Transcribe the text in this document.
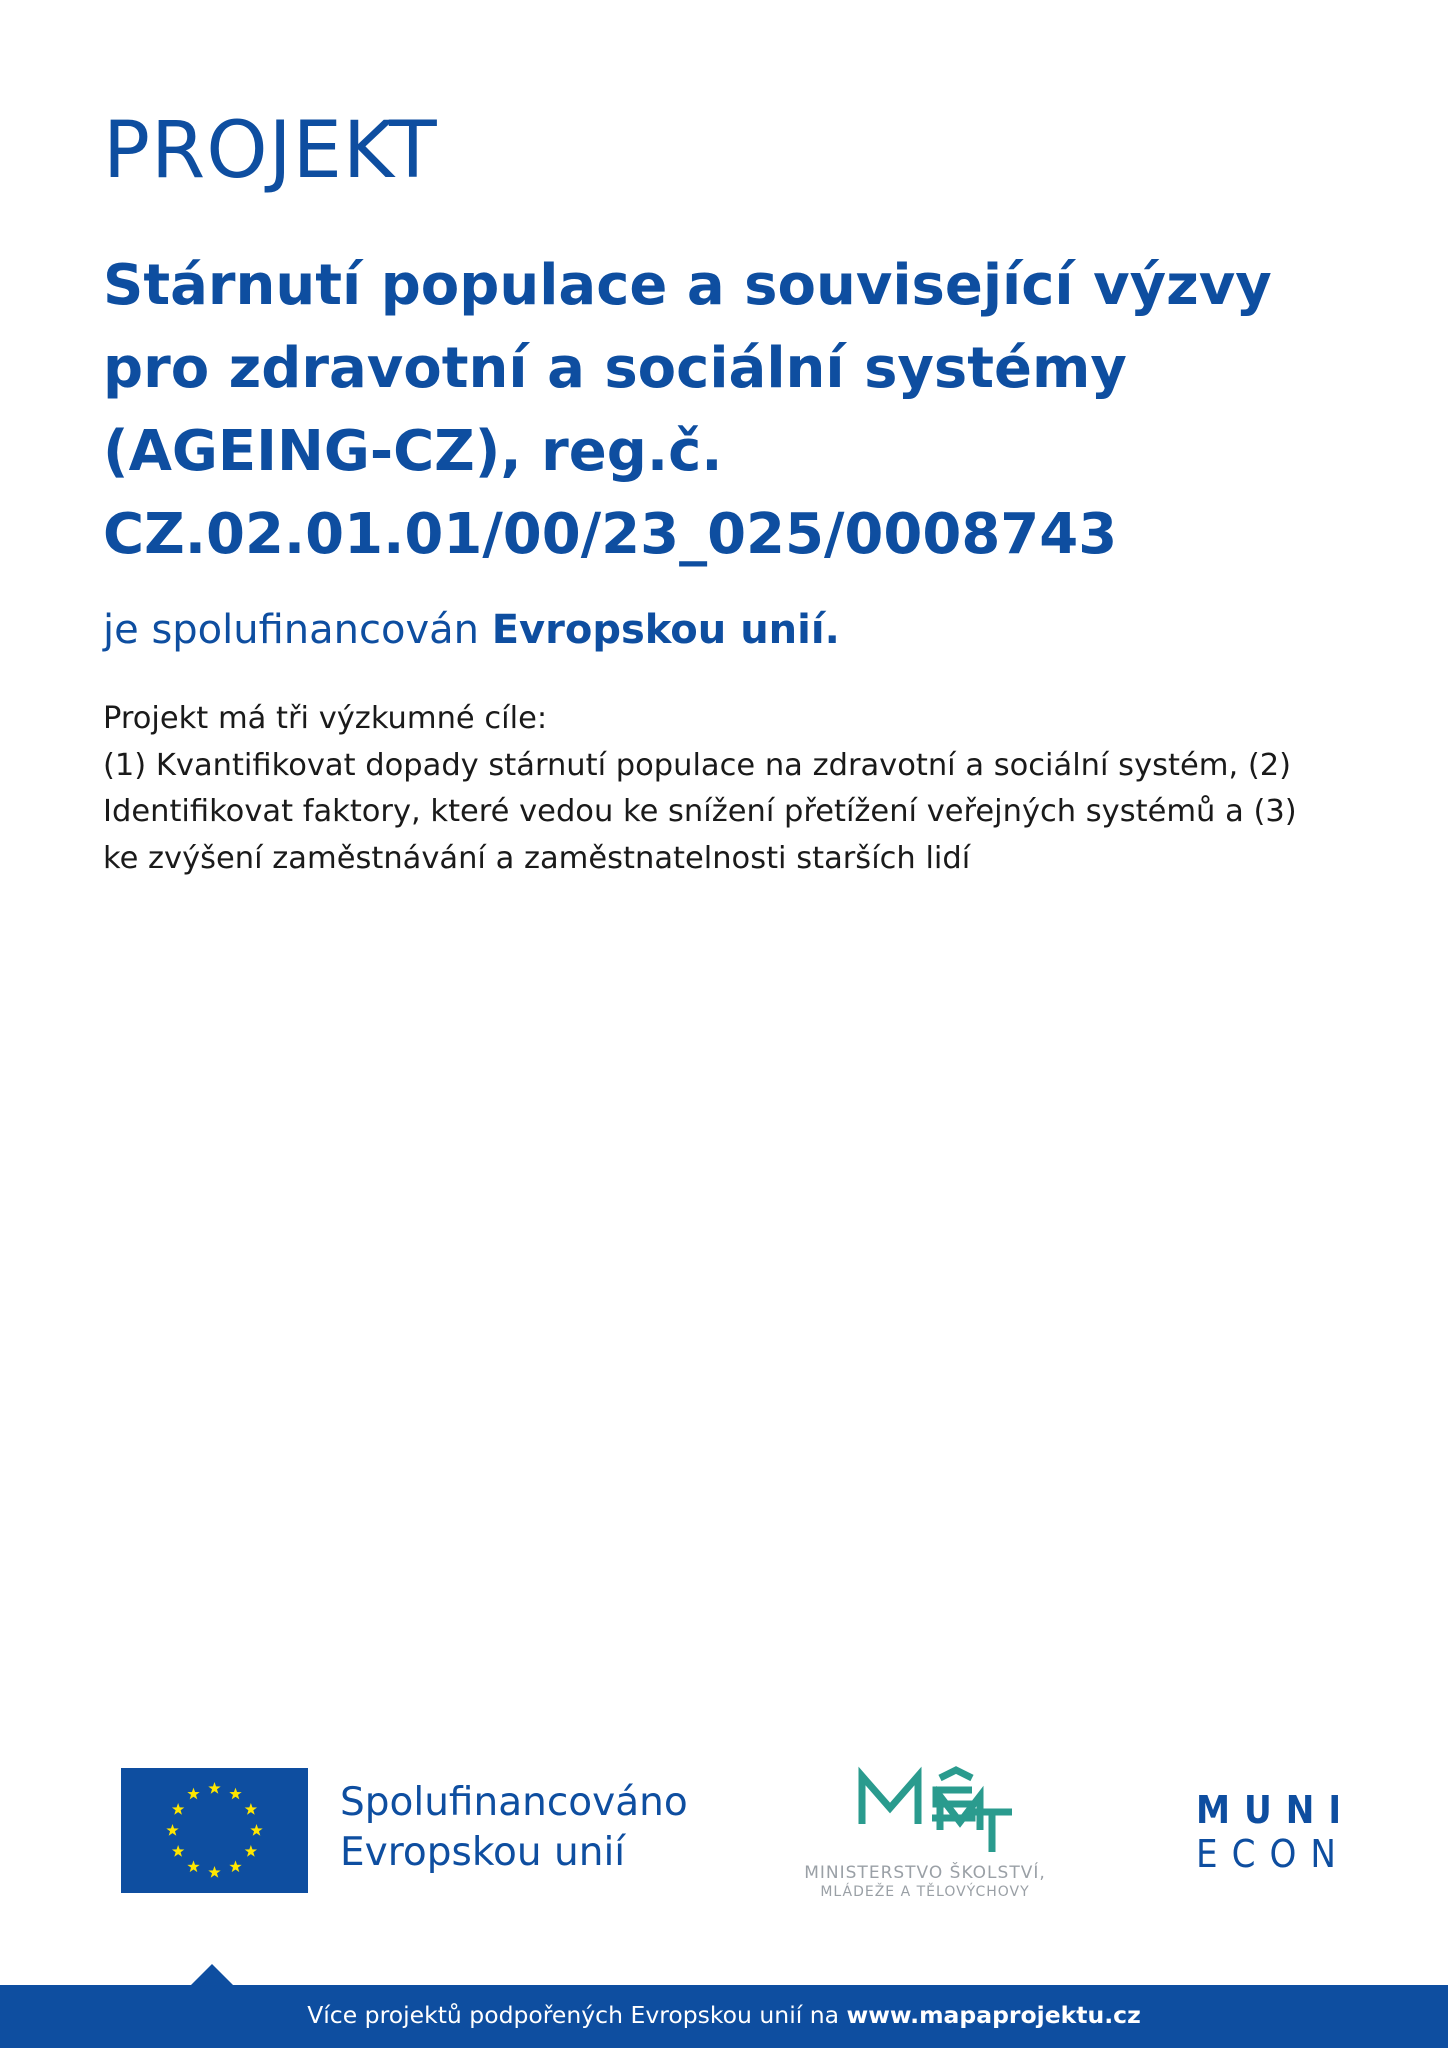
PROJEKT
Stárnutí populace a související výzvy
pro zdravotní a sociální systémy
(AGEING-CZ), reg.č.
CZ.02.01.01/00/23_025/0008743
je spolufinancován Evropskou unií.
Projekt má tři výzkumné cíle:
(1) Kvantifikovat dopady stárnutí populace na zdravotní a sociální systém, (2)
Identifikovat faktory, které vedou ke snížení přetížení veřejných systémů a (3)
ke zvýšení zaměstnávání a zaměstnatelnosti starších lidí
Spolufinancováno
Evropskou unií	MINISTERSTVO ŠKOLSTVÍ,
MLÁDEŽE A TĚLOVÝCHOVY
MUNI
ECON
Více projektů podpořených Evropskou unií na www.mapaprojektu.cz
